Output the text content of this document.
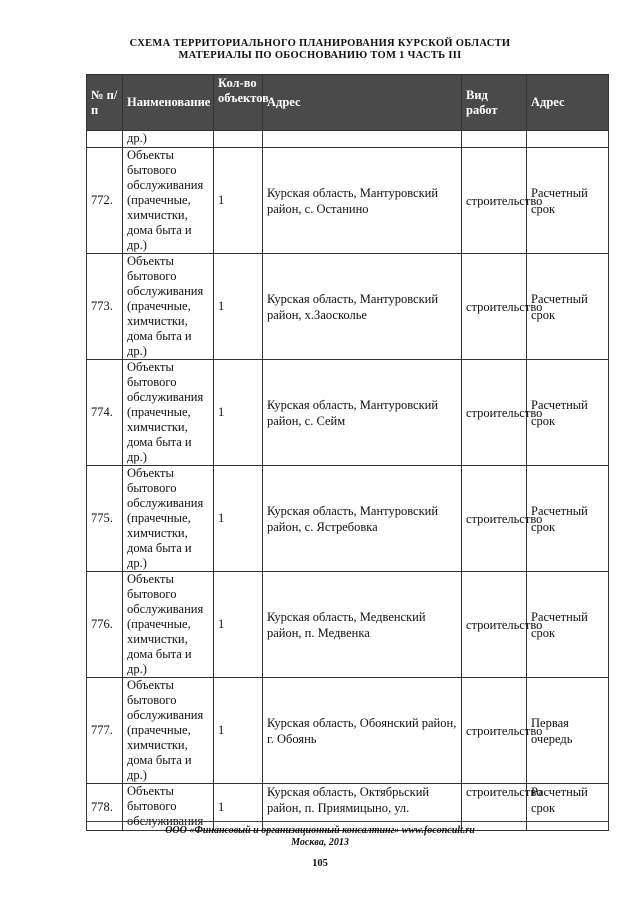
СХЕМА ТЕРРИТОРИАЛЬНОГО ПЛАНИРОВАНИЯ КУРСКОЙ ОБЛАСТИ
МАТЕРИАЛЫ ПО ОБОСНОВАНИЮ ТОМ 1 ЧАСТЬ III
№ п/п	Наименование	Кол-во объектов	Адрес	Вид работ	Адрес
	др.)				
772.	Объекты бытового обслуживания (прачечные, химчистки, дома быта и др.)	1	Курская область, Мантуровский район, с. Останино	строительство	Расчетный срок
773.	Объекты бытового обслуживания (прачечные, химчистки, дома быта и др.)	1	Курская область, Мантуровский район, х.Заосколье	строительство	Расчетный срок
774.	Объекты бытового обслуживания (прачечные, химчистки, дома быта и др.)	1	Курская область, Мантуровский район, с. Сейм	строительство	Расчетный срок
775.	Объекты бытового обслуживания (прачечные, химчистки, дома быта и др.)	1	Курская область, Мантуровский район, с. Ястребовка	строительство	Расчетный срок
776.	Объекты бытового обслуживания (прачечные, химчистки, дома быта и др.)	1	Курская область, Медвенский район, п. Медвенка	строительство	Расчетный срок
777.	Объекты бытового обслуживания (прачечные, химчистки, дома быта и др.)	1	Курская область, Обоянский район, г. Обоянь	строительство	Первая очередь
778.	Объекты бытового обслуживания	1	Курская область, Октябрьский район, п. Приямицыно, ул.	строительство	Расчетный срок
ООО «Финансовый и организационный консалтинг» www.foconcult.ru
Москва, 2013
105
